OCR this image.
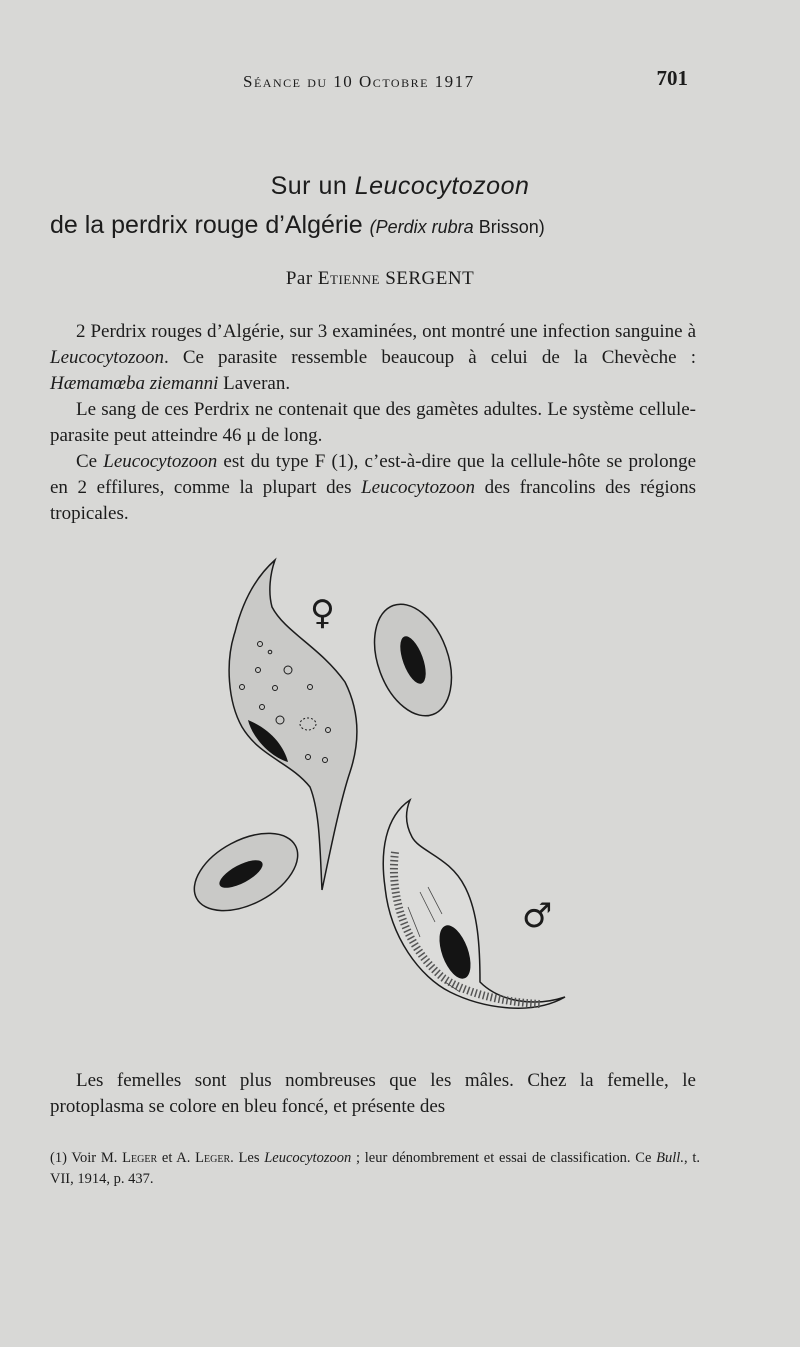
Séance du 10 Octobre 1917	701
Sur un Leucocytozoon
de la perdrix rouge d’Algérie (Perdix rubra Brisson)
Par Etienne SERGENT

2 Perdrix rouges d’Algérie, sur 3 examinées, ont montré une infection sanguine à Leucocytozoon. Ce parasite ressemble beaucoup à celui de la Chevèche : Hæmamœba ziemanni Laveran.

Le sang de ces Perdrix ne contenait que des gamètes adultes. Le système cellule-parasite peut atteindre 46 μ de long.

Ce Leucocytozoon est du type F (1), c’est-à-dire que la cellule-hôte se prolonge en 2 effilures, comme la plupart des Leucocytozoon des francolins des régions tropicales.

♀
♂

Les femelles sont plus nombreuses que les mâles. Chez la femelle, le protoplasma se colore en bleu foncé, et présente des

(1) Voir M. Leger et A. Leger. Les Leucocytozoon ; leur dénombrement et essai de classification. Ce Bull., t. VII, 1914, p. 437.
